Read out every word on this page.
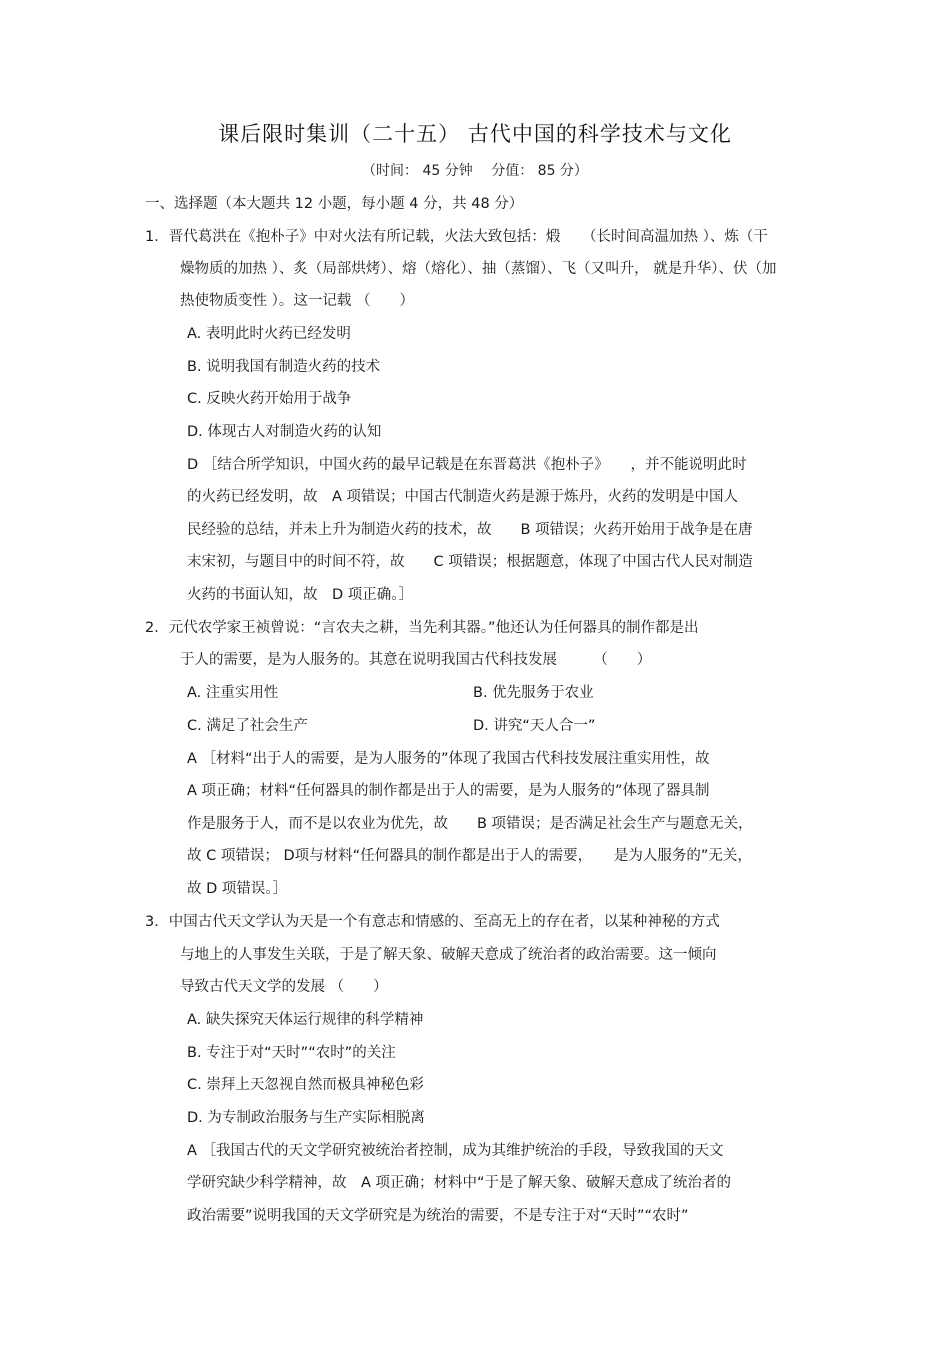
课后限时集训（二十五） 古代中国的科学技术与文化
（时间： 45 分钟　 分值： 85 分）
一、选择题（本大题共 12 小题，每小题 4 分，共 48 分）
1．晋代葛洪在《抱朴子》中对火法有所记载，火法大致包括：煅　　（长时间高温加热 ）、炼（干
燥物质的加热 ）、炙（局部烘烤）、熔（熔化）、抽（蒸馏）、飞（又叫升， 就是升华）、伏（加
热使物质变性 ）。这一记载 （　　）
A. 表明此时火药已经发明
B. 说明我国有制造火药的技术
C. 反映火药开始用于战争
D. 体现古人对制造火药的认知
D ［结合所学知识，中国火药的最早记载是在东晋葛洪《抱朴子》　　，并不能说明此时
的火药已经发明，故　A 项错误；中国古代制造火药是源于炼丹，火药的发明是中国人
民经验的总结，并未上升为制造火药的技术，故　　B 项错误；火药开始用于战争是在唐
末宋初，与题目中的时间不符，故　　C 项错误；根据题意，体现了中国古代人民对制造
火药的书面认知，故　D 项正确。］
2．元代农学家王祯曾说：“言农夫之耕，当先利其器。”他还认为任何器具的制作都是出
于人的需要，是为人服务的。其意在说明我国古代科技发展　　　（　　）
A. 注重实用性	B. 优先服务于农业
C. 满足了社会生产	D. 讲究“天人合一”
A ［材料“出于人的需要，是为人服务的”体现了我国古代科技发展注重实用性，故
A 项正确；材料“任何器具的制作都是出于人的需要，是为人服务的”体现了器具制
作是服务于人，而不是以农业为优先，故　　B 项错误；是否满足社会生产与题意无关，
故 C 项错误； D项与材料“任何器具的制作都是出于人的需要，　　是为人服务的”无关，
故 D 项错误。］
3．中国古代天文学认为天是一个有意志和情感的、至高无上的存在者，以某种神秘的方式
与地上的人事发生关联，于是了解天象、破解天意成了统治者的政治需要。这一倾向
导致古代天文学的发展 （　　）
A. 缺失探究天体运行规律的科学精神
B. 专注于对“天时”“农时”的关注
C. 崇拜上天忽视自然而极具神秘色彩
D. 为专制政治服务与生产实际相脱离
A ［我国古代的天文学研究被统治者控制，成为其维护统治的手段，导致我国的天文
学研究缺少科学精神，故　A 项正确；材料中“于是了解天象、破解天意成了统治者的
政治需要”说明我国的天文学研究是为统治的需要，不是专注于对“天时”“农时”
